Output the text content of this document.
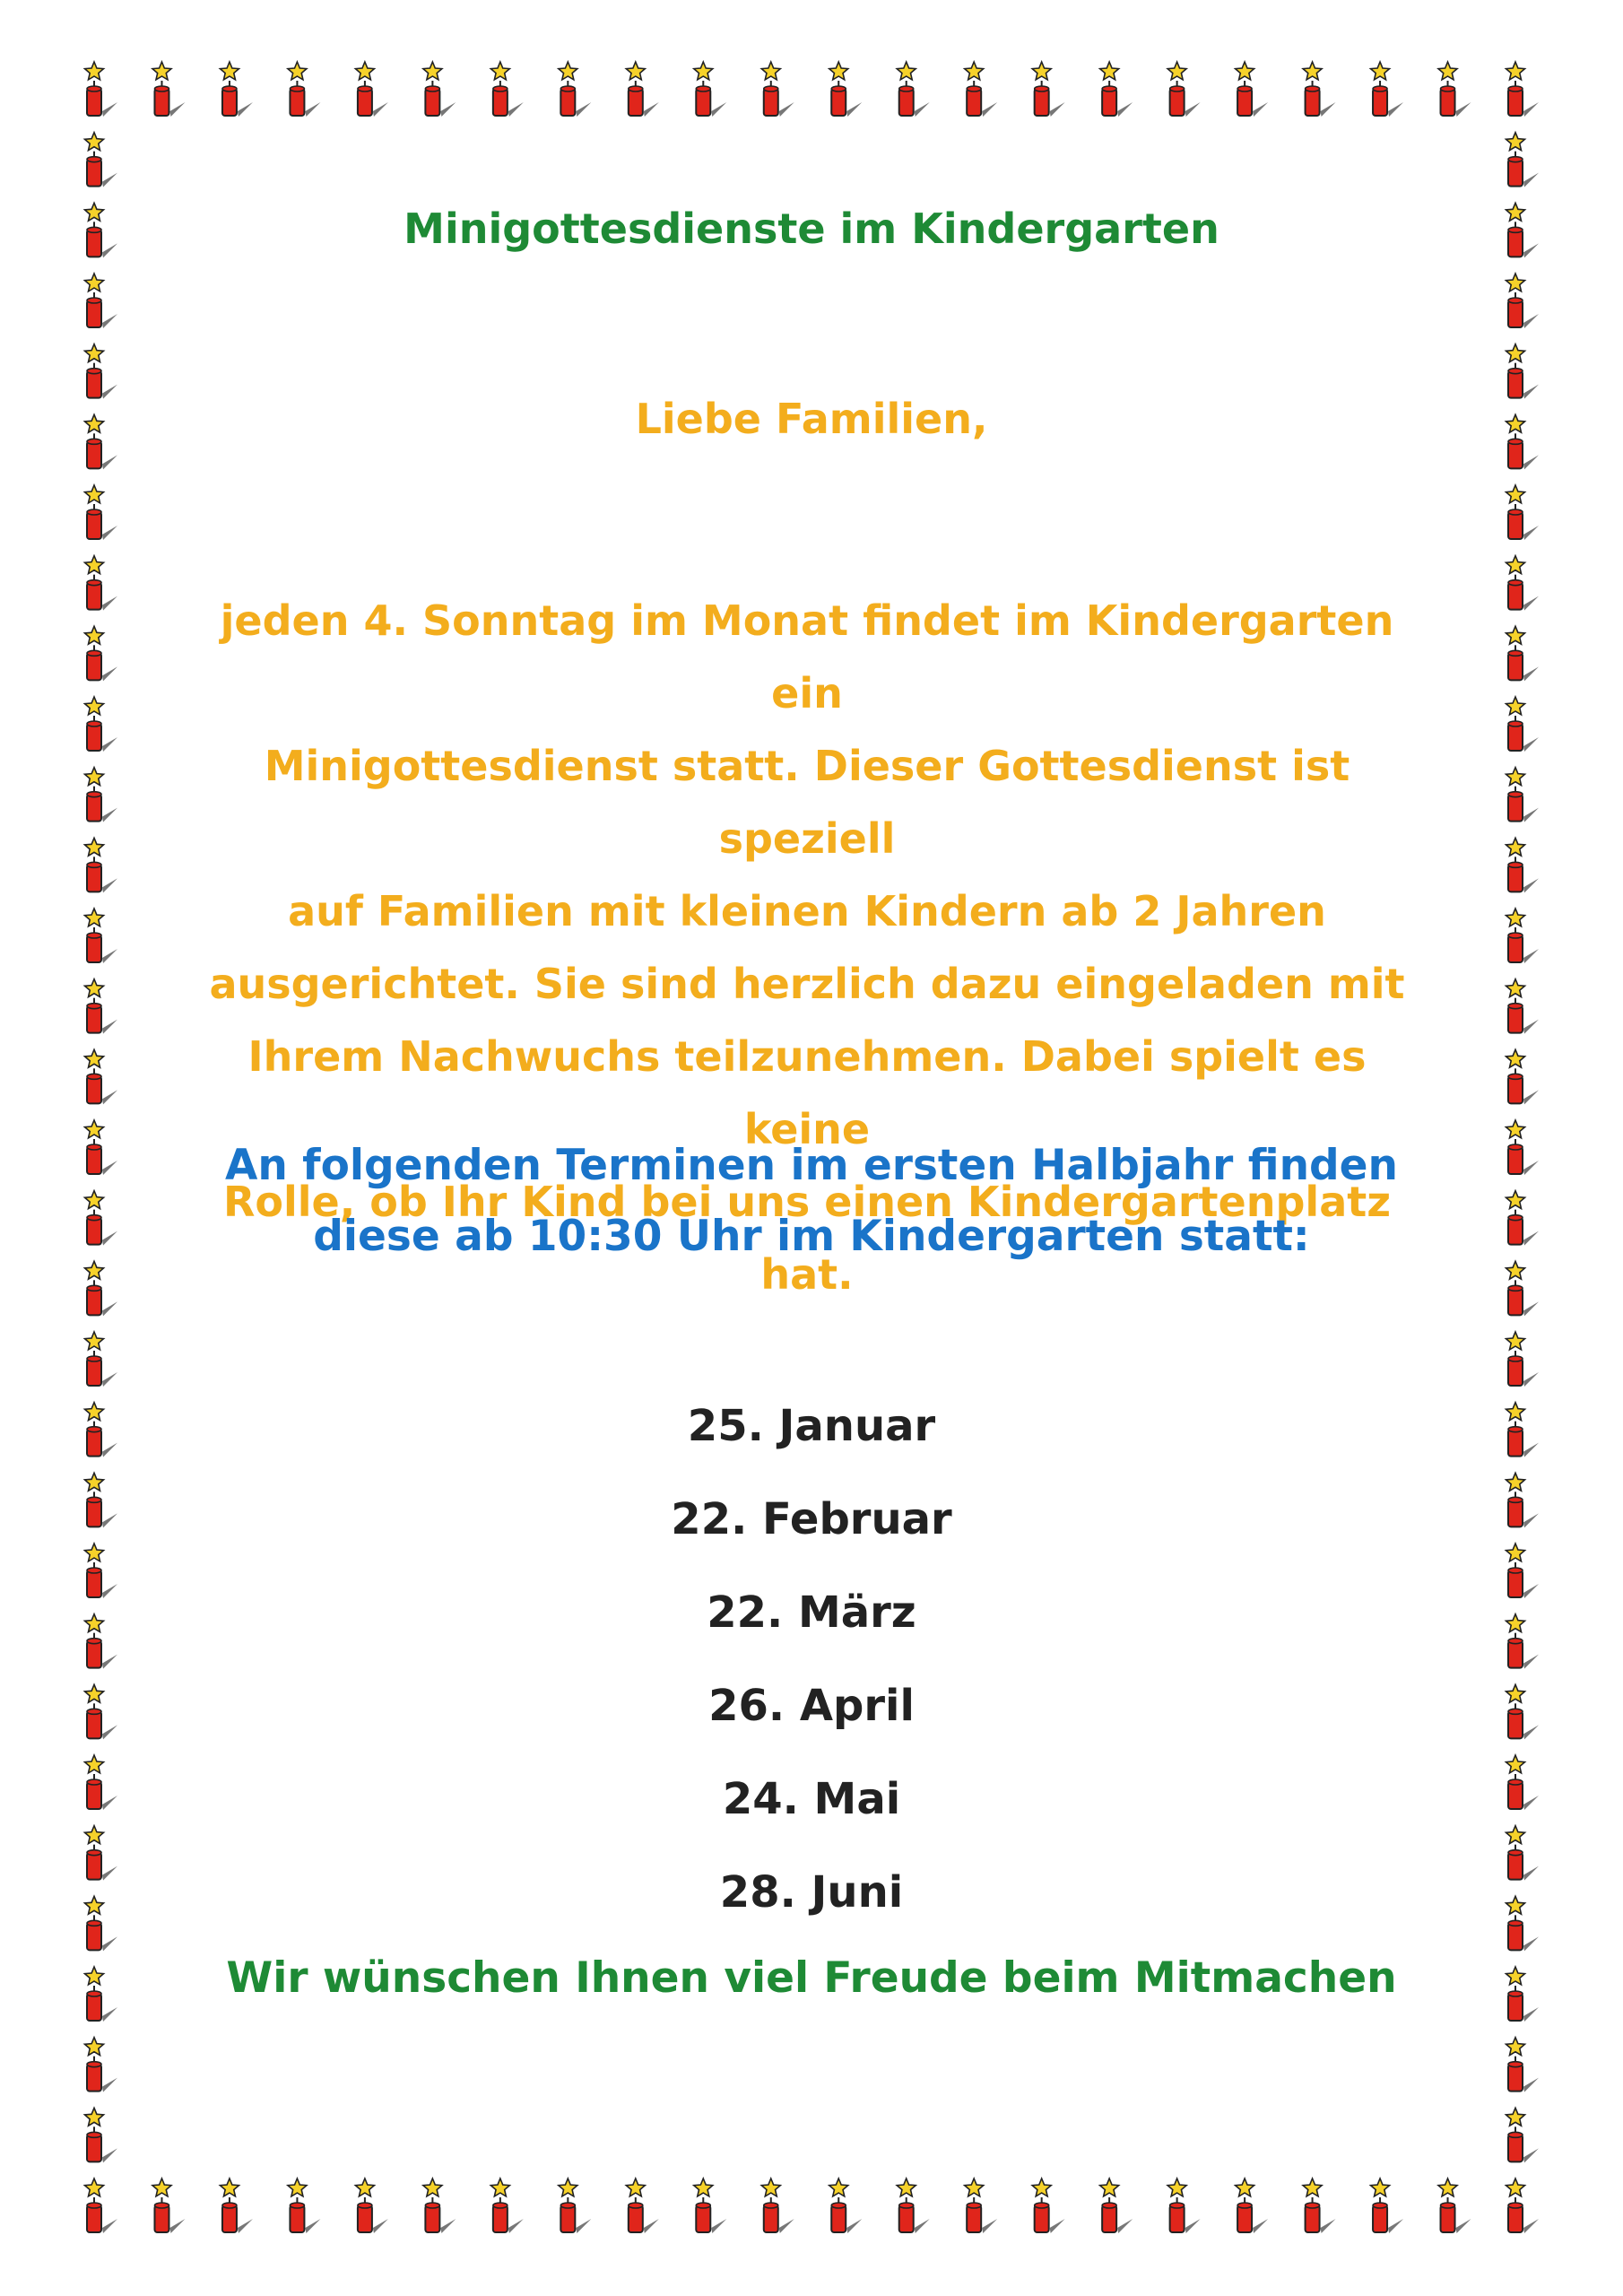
Minigottesdienste im Kindergarten

Liebe Familien,

jeden 4. Sonntag im Monat findet im Kindergarten ein
Minigottesdienst statt. Dieser Gottesdienst ist speziell
auf Familien mit kleinen Kindern ab 2 Jahren
ausgerichtet. Sie sind herzlich dazu eingeladen mit
Ihrem Nachwuchs teilzunehmen. Dabei spielt es keine
Rolle, ob Ihr Kind bei uns einen Kindergartenplatz hat.

An folgenden Terminen im ersten Halbjahr finden
diese ab 10:30 Uhr im Kindergarten statt:

25. Januar
22. Februar
22. März
26. April
24. Mai
28. Juni

Wir wünschen Ihnen viel Freude beim Mitmachen
